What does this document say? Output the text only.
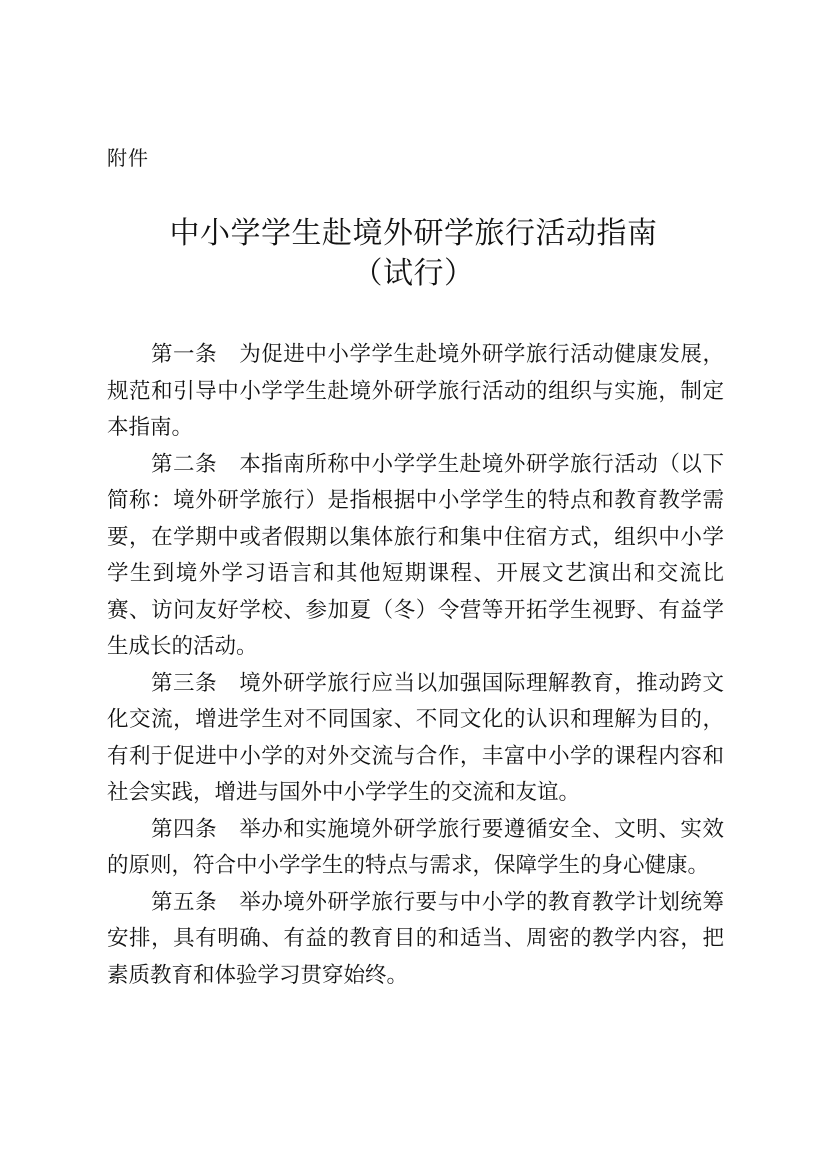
附件
中小学学生赴境外研学旅行活动指南
（试行）

第一条 为促进中小学学生赴境外研学旅行活动健康发展，规范和引导中小学学生赴境外研学旅行活动的组织与实施，制定本指南。

第二条 本指南所称中小学学生赴境外研学旅行活动（以下简称：境外研学旅行）是指根据中小学学生的特点和教育教学需要，在学期中或者假期以集体旅行和集中住宿方式，组织中小学学生到境外学习语言和其他短期课程、开展文艺演出和交流比赛、访问友好学校、参加夏（冬）令营等开拓学生视野、有益学生成长的活动。

第三条 境外研学旅行应当以加强国际理解教育，推动跨文化交流，增进学生对不同国家、不同文化的认识和理解为目的，有利于促进中小学的对外交流与合作，丰富中小学的课程内容和社会实践，增进与国外中小学学生的交流和友谊。

第四条 举办和实施境外研学旅行要遵循安全、文明、实效的原则，符合中小学学生的特点与需求，保障学生的身心健康。

第五条 举办境外研学旅行要与中小学的教育教学计划统筹安排，具有明确、有益的教育目的和适当、周密的教学内容，把素质教育和体验学习贯穿始终。
